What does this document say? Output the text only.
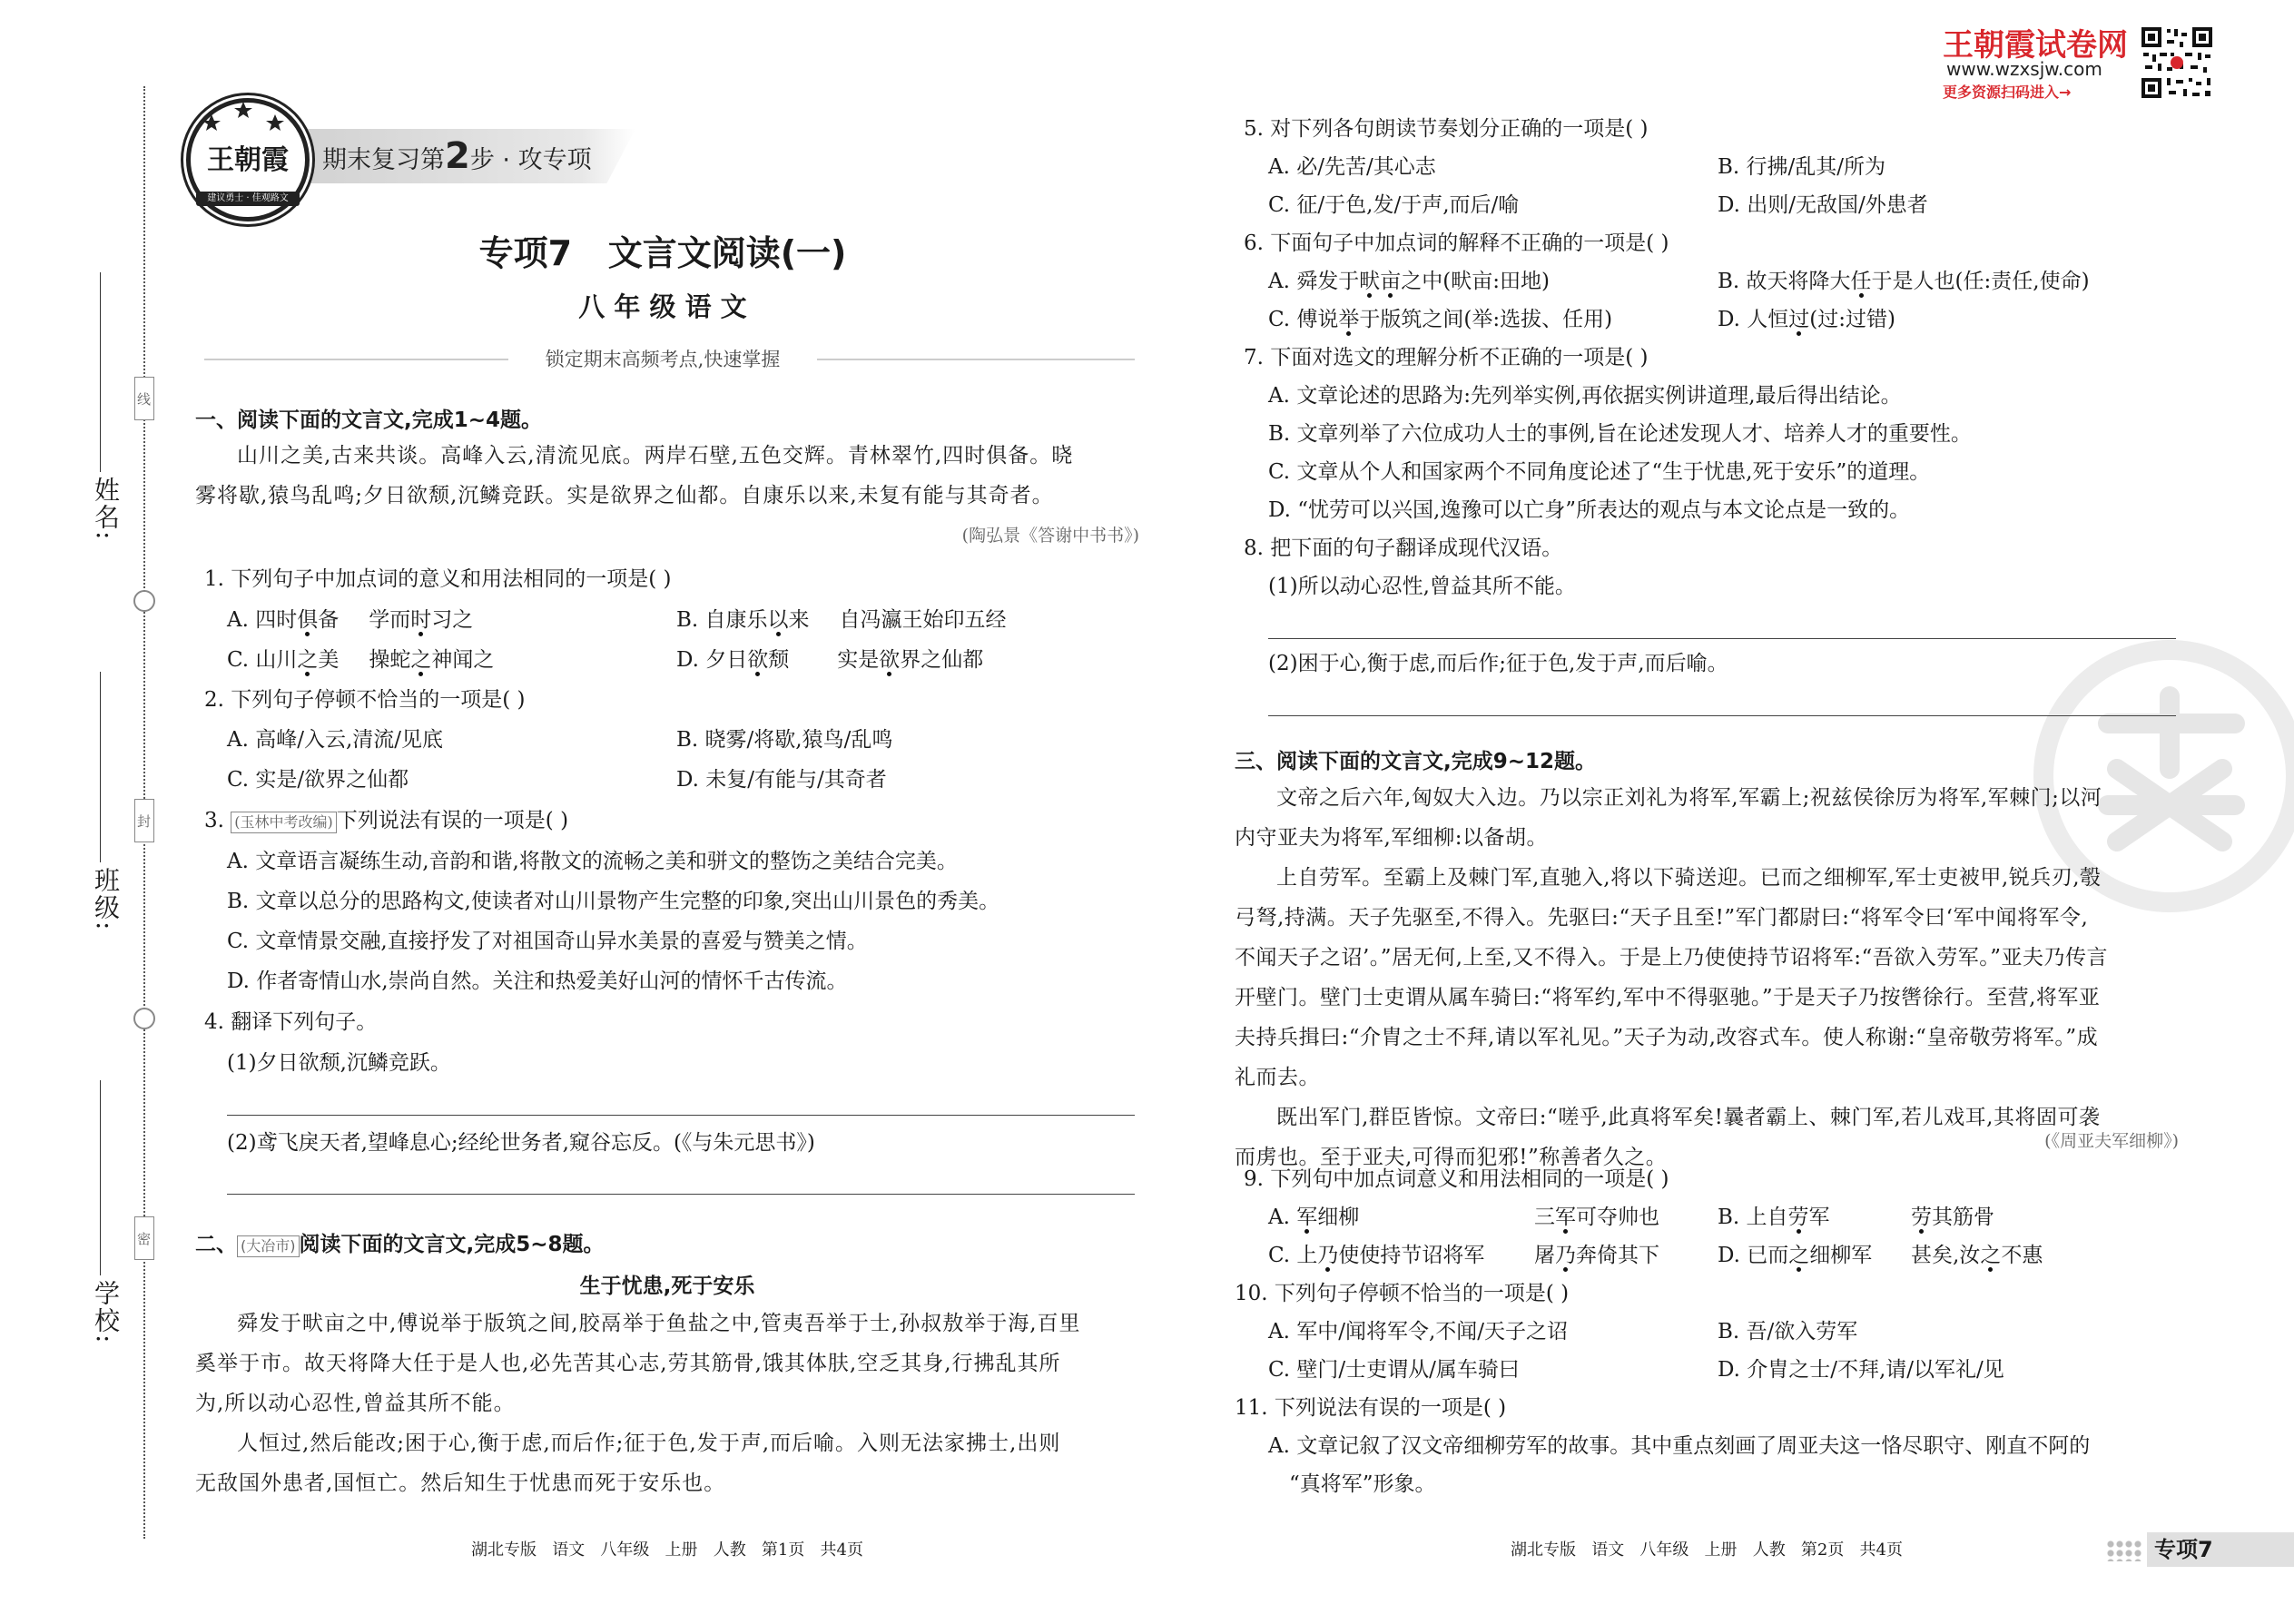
线
封
密
姓名:
班级:
学校:
期末复习第2步 · 攻专项
王朝霞
建议勇士 · 佳观路文
专项7   文言文阅读(一)
八 年 级 语 文
锁定期末高频考点,快速掌握
一、阅读下面的文言文,完成1~4题。
山川之美,古来共谈。高峰入云,清流见底。两岸石壁,五色交辉。青林翠竹,四时俱备。晓
雾将歇,猿鸟乱鸣;夕日欲颓,沉鳞竞跃。实是欲界之仙都。自康乐以来,未复有能与其奇者。
(陶弘景《答谢中书书》)
1. 下列句子中加点词的意义和用法相同的一项是( )
A. 四时俱备　学而时习之	B. 自康乐以来　自冯瀛王始印五经
C. 山川之美　操蛇之神闻之	D. 夕日欲颓　实是欲界之仙都
2. 下列句子停顿不恰当的一项是( )
A. 高峰/入云,清流/见底	B. 晓雾/将歇,猿鸟/乱鸣
C. 实是/欲界之仙都	D. 未复/有能与/其奇者
3. (玉林中考改编) 下列说法有误的一项是( )
A. 文章语言凝练生动,音韵和谐,将散文的流畅之美和骈文的整饬之美结合完美。
B. 文章以总分的思路构文,使读者对山川景物产生完整的印象,突出山川景色的秀美。
C. 文章情景交融,直接抒发了对祖国奇山异水美景的喜爱与赞美之情。
D. 作者寄情山水,崇尚自然。关注和热爱美好山河的情怀千古传流。
4. 翻译下列句子。
(1)夕日欲颓,沉鳞竞跃。
(2)鸢飞戾天者,望峰息心;经纶世务者,窥谷忘反。(《与朱元思书》)
二、 (大冶市) 阅读下面的文言文,完成5~8题。
生于忧患,死于安乐
舜发于畎亩之中,傅说举于版筑之间,胶鬲举于鱼盐之中,管夷吾举于士,孙叔敖举于海,百里
奚举于市。故天将降大任于是人也,必先苦其心志,劳其筋骨,饿其体肤,空乏其身,行拂乱其所
为,所以动心忍性,曾益其所不能。
人恒过,然后能改;困于心,衡于虑,而后作;征于色,发于声,而后喻。入则无法家拂士,出则
无敌国外患者,国恒亡。然后知生于忧患而死于安乐也。
湖北专版   语文   八年级   上册   人教   第1页   共4页
王朝霞试卷网
www.wzxsjw.com
更多资源扫码进入→
5. 对下列各句朗读节奏划分正确的一项是( )
A. 必/先苦/其心志	B. 行拂/乱其/所为
C. 征/于色,发/于声,而后/喻	D. 出则/无敌国/外患者
6. 下面句子中加点词的解释不正确的一项是( )
A. 舜发于畎亩之中(畎亩:田地)	B. 故天将降大任于是人也(任:责任,使命)
C. 傅说举于版筑之间(举:选拔、任用)	D. 人恒过(过:过错)
7. 下面对选文的理解分析不正确的一项是( )
A. 文章论述的思路为:先列举实例,再依据实例讲道理,最后得出结论。
B. 文章列举了六位成功人士的事例,旨在论述发现人才、培养人才的重要性。
C. 文章从个人和国家两个不同角度论述了“生于忧患,死于安乐”的道理。
D. “忧劳可以兴国,逸豫可以亡身”所表达的观点与本文论点是一致的。
8. 把下面的句子翻译成现代汉语。
(1)所以动心忍性,曾益其所不能。
(2)困于心,衡于虑,而后作;征于色,发于声,而后喻。
三、阅读下面的文言文,完成9~12题。
文帝之后六年,匈奴大入边。乃以宗正刘礼为将军,军霸上;祝兹侯徐厉为将军,军棘门;以河
内守亚夫为将军,军细柳:以备胡。
上自劳军。至霸上及棘门军,直驰入,将以下骑送迎。已而之细柳军,军士吏被甲,锐兵刃,彀
弓弩,持满。天子先驱至,不得入。先驱曰:“天子且至!”军门都尉曰:“将军令曰‘军中闻将军令,
不闻天子之诏’。”居无何,上至,又不得入。于是上乃使使持节诏将军:“吾欲入劳军。”亚夫乃传言
开壁门。壁门士吏谓从属车骑曰:“将军约,军中不得驱驰。”于是天子乃按辔徐行。至营,将军亚
夫持兵揖曰:“介胄之士不拜,请以军礼见。”天子为动,改容式车。使人称谢:“皇帝敬劳将军。”成
礼而去。
既出军门,群臣皆惊。文帝曰:“嗟乎,此真将军矣!曩者霸上、棘门军,若儿戏耳,其将固可袭
而虏也。至于亚夫,可得而犯邪!”称善者久之。
(《周亚夫军细柳》)
9. 下列句中加点词意义和用法相同的一项是( )
A. 军细柳	三军可夺帅也	B. 上自劳军	劳其筋骨
C. 上乃使使持节诏将军 屠乃奔倚其下	D. 已而之细柳军 甚矣,汝之不惠
10. 下列句子停顿不恰当的一项是( )
A. 军中/闻将军令,不闻/天子之诏	B. 吾/欲入劳军
C. 壁门/士吏谓从/属车骑曰	D. 介胄之士/不拜,请/以军礼/见
11. 下列说法有误的一项是( )
A. 文章记叙了汉文帝细柳劳军的故事。其中重点刻画了周亚夫这一恪尽职守、刚直不阿的
“真将军”形象。
湖北专版   语文   八年级   上册   人教   第2页   共4页	专项7
